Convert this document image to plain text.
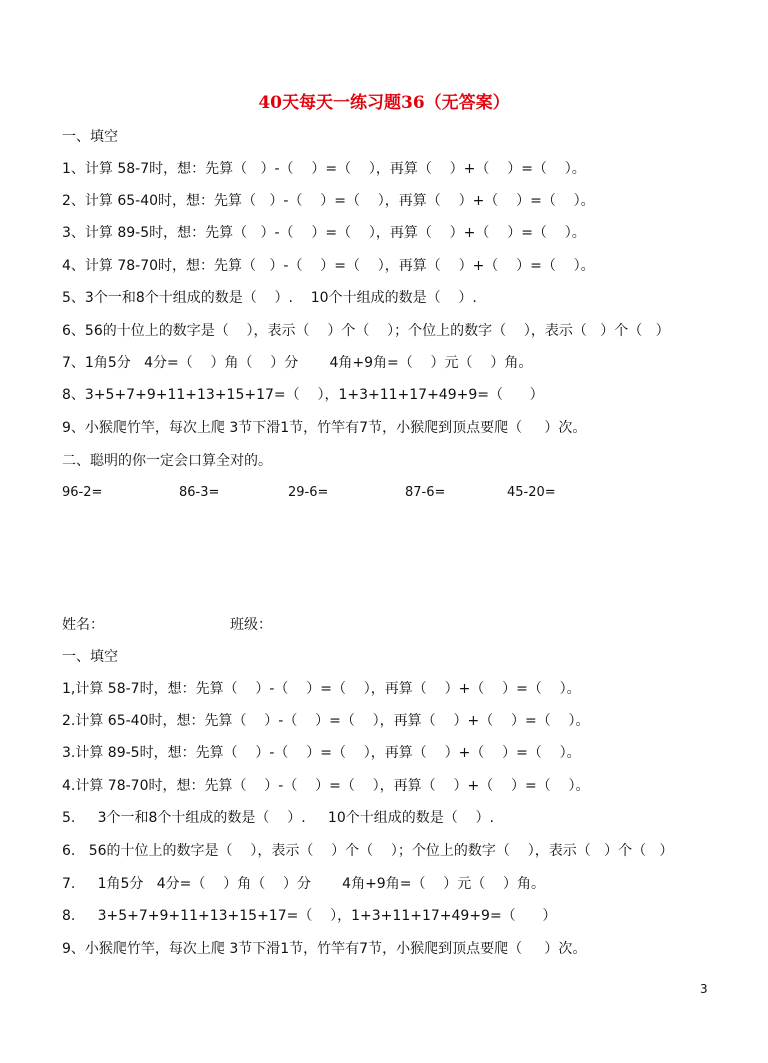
40天每天一练习题36（无答案）
一、填空
1、计算 58-7时，想：先算（   ）-（    ）=（    ），再算（    ）+（    ）=（    ）。
2、计算 65-40时，想：先算（   ）-（    ）=（    ），再算（    ）+（    ）=（    ）。
3、计算 89-5时，想：先算（   ）-（    ）=（    ），再算（    ）+（    ）=（    ）。
4、计算 78-70时，想：先算（   ）-（    ）=（    ），再算（    ）+（    ）=（    ）。
5、3个一和8个十组成的数是（    ）.    10个十组成的数是（    ）.
6、56的十位上的数字是（    ），表示（    ）个（    ）；个位上的数字（    ），表示（   ）个（   ）
7、1角5分   4分=（    ）角（    ）分       4角+9角=（    ）元（    ）角。
8、3+5+7+9+11+13+15+17=（    ），1+3+11+17+49+9=（      ）
9、小猴爬竹竿，每次上爬 3节下滑1节，竹竿有7节，小猴爬到顶点要爬（     ）次。
二、聪明的你一定会口算全对的。
96-2=	86-3=	29-6=	87-6=	45-20=
姓名：	班级：
一、填空
1,计算 58-7时，想：先算（    ）-（    ）=（    ），再算（    ）+（    ）=（    ）。
2.计算 65-40时，想：先算（    ）-（    ）=（    ），再算（    ）+（    ）=（    ）。
3.计算 89-5时，想：先算（    ）-（    ）=（    ），再算（    ）+（    ）=（    ）。
4.计算 78-70时，想：先算（    ）-（    ）=（    ），再算（    ）+（    ）=（    ）。
5.     3个一和8个十组成的数是（    ）.     10个十组成的数是（    ）.
6.   56的十位上的数字是（    ），表示（    ）个（    ）；个位上的数字（    ），表示（   ）个（   ）
7.     1角5分   4分=（    ）角（    ）分       4角+9角=（    ）元（    ）角。
8.     3+5+7+9+11+13+15+17=（    ），1+3+11+17+49+9=（      ）
9、小猴爬竹竿，每次上爬 3节下滑1节，竹竿有7节，小猴爬到顶点要爬（     ）次。
3
